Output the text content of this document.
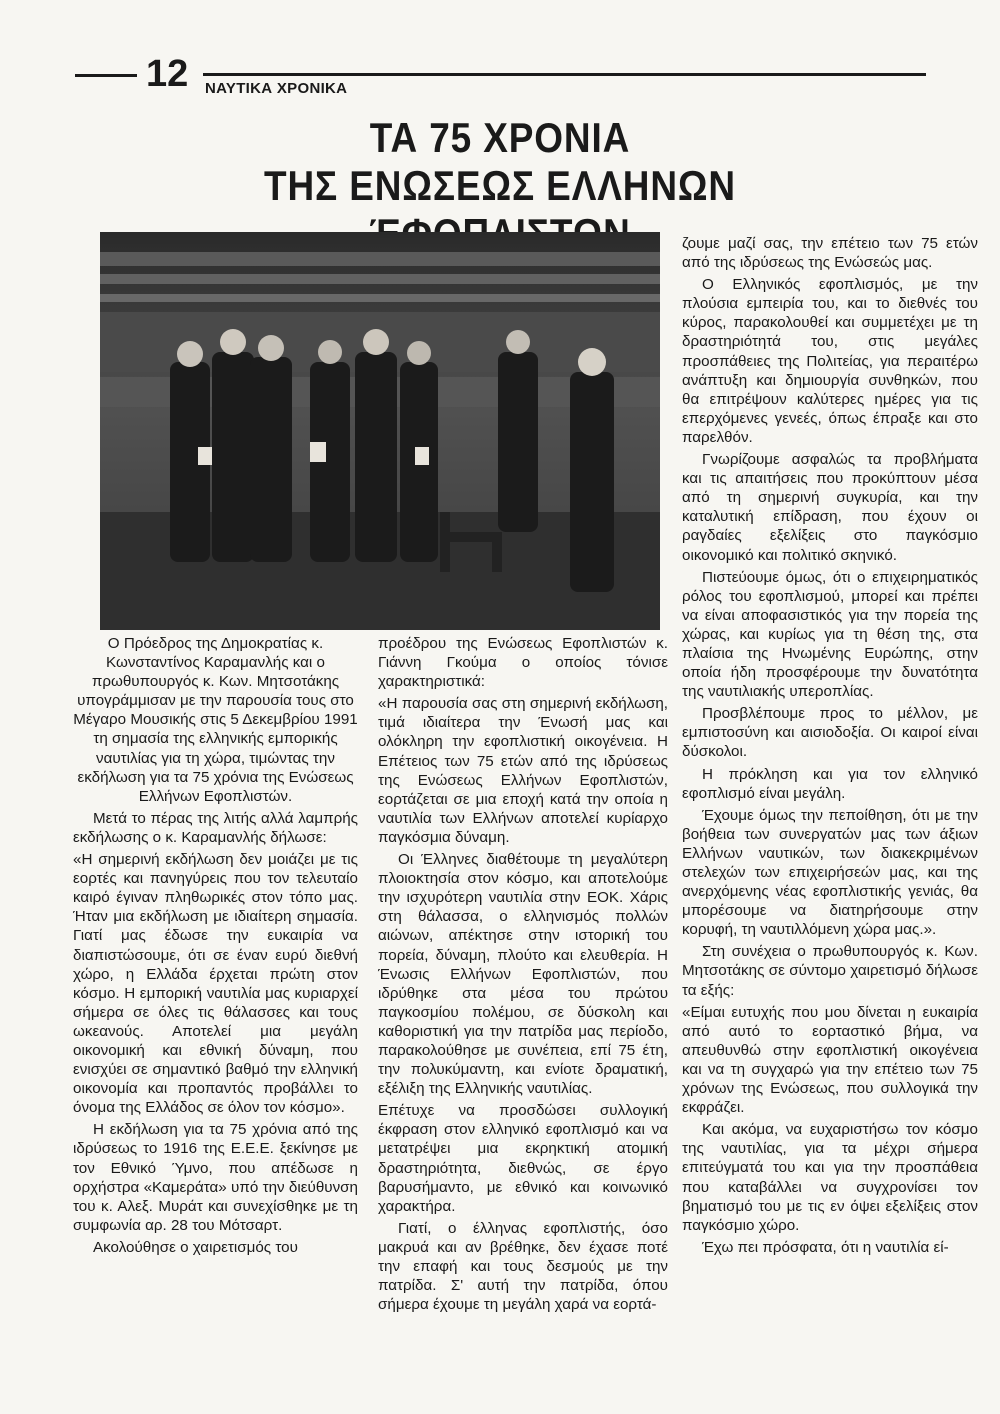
12 ΝΑΥΤΙΚΑ ΧΡΟΝΙΚΑ
ΤΑ 75 ΧΡΟΝΙΑ
ΤΗΣ ΕΝΩΣΕΩΣ ΕΛΛΗΝΩΝ

Ο Πρόεδρος της Δημοκρατίας κ. Κωνσταντίνος Καραμανλής και ο πρωθυπουργός κ. Κων. Μητσοτάκης υπογράμμισαν με την παρουσία τους στο Μέγαρο Μουσικής στις 5 Δεκεμβρίου 1991 τη σημασία της ελληνικής εμπορικής ναυτιλίας για τη χώρα, τιμώντας την εκδήλωση για τα 75 χρόνια της Ενώσεως Ελλήνων Εφοπλιστών.

Μετά το πέρας της λιτής αλλά λαμπρής εκδήλωσης ο κ. Καραμανλής δήλωσε:

«Η σημερινή εκδήλωση δεν μοιάζει με τις εορτές και πανηγύρεις που τον τελευταίο καιρό έγιναν πληθωρικές στον τόπο μας. Ήταν μια εκδήλωση με ιδιαίτερη σημασία. Γιατί μας έδωσε την ευκαιρία να διαπιστώσουμε, ότι σε έναν ευρύ διεθνή χώρο, η Ελλάδα έρχεται πρώτη στον κόσμο. Η εμπορική ναυτιλία μας κυριαρχεί σήμερα σε όλες τις θάλασσες και τους ωκεανούς. Αποτελεί μια μεγάλη οικονομική και εθνική δύναμη, που ενισχύει σε σημαντικό βαθμό την ελληνική οικονομία και προπαντός προβάλλει το όνομα της Ελλάδος σε όλον τον κόσμο».

Η εκδήλωση για τα 75 χρόνια από της ιδρύσεως το 1916 της Ε.Ε.Ε. ξεκίνησε με τον Εθνικό Ύμνο, που απέδωσε η ορχήστρα «Καμεράτα» υπό την διεύθυνση του κ. Αλεξ. Μυράτ και συνεχίσθηκε με τη συμφωνία αρ. 28 του Μότσαρτ.

Ακολούθησε ο χαιρετισμός του

προέδρου της Ενώσεως Εφοπλιστών κ. Γιάννη Γκούμα ο οποίος τόνισε χαρακτηριστικά:

«Η παρουσία σας στη σημερινή εκδήλωση, τιμά ιδιαίτερα την Ένωσή μας και ολόκληρη την εφοπλιστική οικογένεια. Η Επέτειος των 75 ετών από της ιδρύσεως της Ενώσεως Ελλήνων Εφοπλιστών, εορτάζεται σε μια εποχή κατά την οποία η ναυτιλία των Ελλήνων αποτελεί κυρίαρχο παγκόσμια δύναμη.

Οι Έλληνες διαθέτουμε τη μεγαλύτερη πλοιοκτησία στον κόσμο, και αποτελούμε την ισχυρότερη ναυτιλία στην ΕΟΚ. Χάρις στη θάλασσα, ο ελληνισμός πολλών αιώνων, απέκτησε στην ιστορική του πορεία, δύναμη, πλούτο και ελευθερία. Η Ένωσις Ελλήνων Εφοπλιστών, που ιδρύθηκε στα μέσα του πρώτου παγκοσμίου πολέμου, σε δύσκολη και καθοριστική για την πατρίδα μας περίοδο, παρακολούθησε με συνέπεια, επί 75 έτη, την πολυκύμαντη, και ενίοτε δραματική, εξέλιξη της Ελληνικής ναυτιλίας.

Επέτυχε να προσδώσει συλλογική έκφραση στον ελληνικό εφοπλισμό και να μετατρέψει μια εκρηκτική ατομική δραστηριότητα, διεθνώς, σε έργο βαρυσήμαντο, με εθνικό και κοινωνικό χαρακτήρα.

Γιατί, ο έλληνας εφοπλιστής, όσο μακρυά και αν βρέθηκε, δεν έχασε ποτέ την επαφή και τους δεσμούς με την πατρίδα. Σ' αυτή την πατρίδα, όπου σήμερα έχουμε τη μεγάλη χαρά να εορτά-

ζουμε μαζί σας, την επέτειο των 75 ετών από της ιδρύσεως της Ενώσεώς μας.

Ο Ελληνικός εφοπλισμός, με την πλούσια εμπειρία του, και το διεθνές του κύρος, παρακολουθεί και συμμετέχει με τη δραστηριότητά του, στις μεγάλες προσπάθειες της Πολιτείας, για περαιτέρω ανάπτυξη και δημιουργία συνθηκών, που θα επιτρέψουν καλύτερες ημέρες για τις επερχόμενες γενεές, όπως έπραξε και στο παρελθόν.

Γνωρίζουμε ασφαλώς τα προβλήματα και τις απαιτήσεις που προκύπτουν μέσα από τη σημερινή συγκυρία, και την καταλυτική επίδραση, που έχουν οι ραγδαίες εξελίξεις στο παγκόσμιο οικονομικό και πολιτικό σκηνικό.

Πιστεύουμε όμως, ότι ο επιχειρηματικός ρόλος του εφοπλισμού, μπορεί και πρέπει να είναι αποφασιστικός για την πορεία της χώρας, και κυρίως για τη θέση της, στα πλαίσια της Ηνωμένης Ευρώπης, στην οποία ήδη προσφέρουμε την δυνατότητα της ναυτιλιακής υπεροπλίας.

Προσβλέπουμε προς το μέλλον, με εμπιστοσύνη και αισιοδοξία. Οι καιροί είναι δύσκολοι.

Η πρόκληση και για τον ελληνικό εφοπλισμό είναι μεγάλη.

Έχουμε όμως την πεποίθηση, ότι με την βοήθεια των συνεργατών μας των άξιων Ελλήνων ναυτικών, των διακεκριμένων στελεχών των επιχειρήσεών μας, και της ανερχόμενης νέας εφοπλιστικής γενιάς, θα μπορέσουμε να διατηρήσουμε στην κορυφή, τη ναυτιλλόμενη χώρα μας.».

Στη συνέχεια ο πρωθυπουργός κ. Κων. Μητσοτάκης σε σύντομο χαιρετισμό δήλωσε τα εξής:

«Είμαι ευτυχής που μου δίνεται η ευκαιρία από αυτό το εορταστικό βήμα, να απευθυνθώ στην εφοπλιστική οικογένεια και να τη συγχαρώ για την επέτειο των 75 χρόνων της Ενώσεως, που συλλογικά την εκφράζει.

Και ακόμα, να ευχαριστήσω τον κόσμο της ναυτιλίας, για τα μέχρι σήμερα επιτεύγματά του και για την προσπάθεια που καταβάλλει να συγχρονίσει τον βηματισμό του με τις εν όψει εξελίξεις στον παγκόσμιο χώρο.

Έχω πει πρόσφατα, ότι η ναυτιλία εί-
